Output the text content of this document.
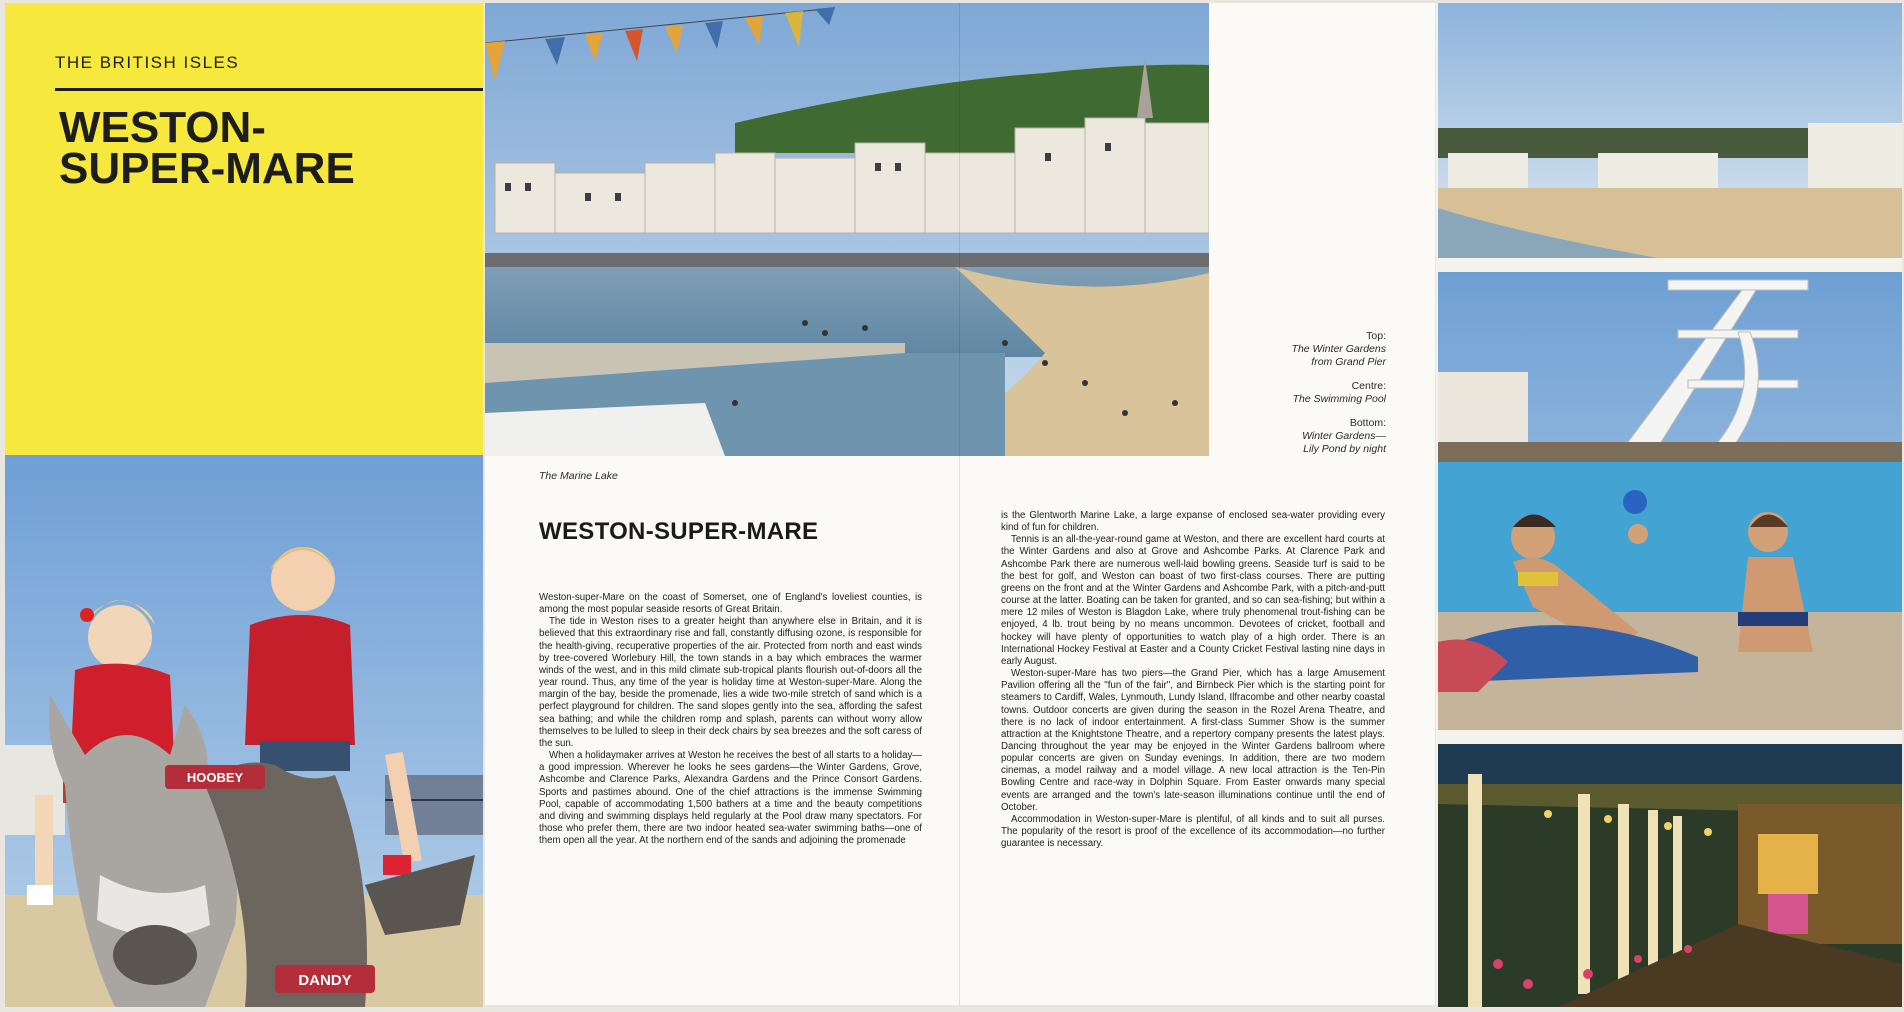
THE BRITISH ISLES
WESTON-
SUPER-MARE
HOOBEY
DANDY
The Marine Lake
WESTON-SUPER-MARE

Weston-super-Mare on the coast of Somerset, one of England's loveliest counties, is among the most popular seaside resorts of Great Britain.

The tide in Weston rises to a greater height than anywhere else in Britain, and it is believed that this extraordinary rise and fall, constantly diffusing ozone, is responsible for the health-giving, recuperative properties of the air. Protected from north and east winds by tree-covered Worlebury Hill, the town stands in a bay which embraces the warmer winds of the west, and in this mild climate sub-tropical plants flourish out-of-doors all the year round. Thus, any time of the year is holiday time at Weston-super-Mare. Along the margin of the bay, beside the promenade, lies a wide two-mile stretch of sand which is a perfect playground for children. The sand slopes gently into the sea, affording the safest sea bathing; and while the children romp and splash, parents can without worry allow themselves to be lulled to sleep in their deck chairs by sea breezes and the soft caress of the sun.

When a holidaymaker arrives at Weston he receives the best of all starts to a holiday—a good impression. Wherever he looks he sees gardens—the Winter Gardens, Grove, Ashcombe and Clarence Parks, Alexandra Gardens and the Prince Consort Gardens. Sports and pastimes abound. One of the chief attractions is the immense Swimming Pool, capable of accommodating 1,500 bathers at a time and the beauty competitions and diving and swimming displays held regularly at the Pool draw many spectators. For those who prefer them, there are two indoor heated sea-water swimming baths—one of them open all the year. At the northern end of the sands and adjoining the promenade

is the Glentworth Marine Lake, a large expanse of enclosed sea-water providing every kind of fun for children.

Tennis is an all-the-year-round game at Weston, and there are excellent hard courts at the Winter Gardens and also at Grove and Ashcombe Parks. At Clarence Park and Ashcombe Park there are numerous well-laid bowling greens. Seaside turf is said to be the best for golf, and Weston can boast of two first-class courses. There are putting greens on the front and at the Winter Gardens and Ashcombe Park, with a pitch-and-putt course at the latter. Boating can be taken for granted, and so can sea-fishing; but within a mere 12 miles of Weston is Blagdon Lake, where truly phenomenal trout-fishing can be enjoyed, 4 lb. trout being by no means uncommon. Devotees of cricket, football and hockey will have plenty of opportunities to watch play of a high order. There is an International Hockey Festival at Easter and a County Cricket Festival lasting nine days in early August.

Weston-super-Mare has two piers—the Grand Pier, which has a large Amusement Pavilion offering all the "fun of the fair", and Birnbeck Pier which is the starting point for steamers to Cardiff, Wales, Lynmouth, Lundy Island, Ilfracombe and other nearby coastal towns. Outdoor concerts are given during the season in the Rozel Arena Theatre, and there is no lack of indoor entertainment. A first-class Summer Show is the summer attraction at the Knightstone Theatre, and a repertory company presents the latest plays. Dancing throughout the year may be enjoyed in the Winter Gardens ballroom where popular concerts are given on Sunday evenings. In addition, there are two modern cinemas, a model railway and a model village. A new local attraction is the Ten-Pin Bowling Centre and race-way in Dolphin Square. From Easter onwards many special events are arranged and the town's late-season illuminations continue until the end of October.

Accommodation in Weston-super-Mare is plentiful, of all kinds and to suit all purses. The popularity of the resort is proof of the excellence of its accommodation—no further guarantee is necessary.

Top:
The Winter Gardens
from Grand Pier
Centre:
The Swimming Pool
Bottom:
Winter Gardens—
Lily Pond by night
